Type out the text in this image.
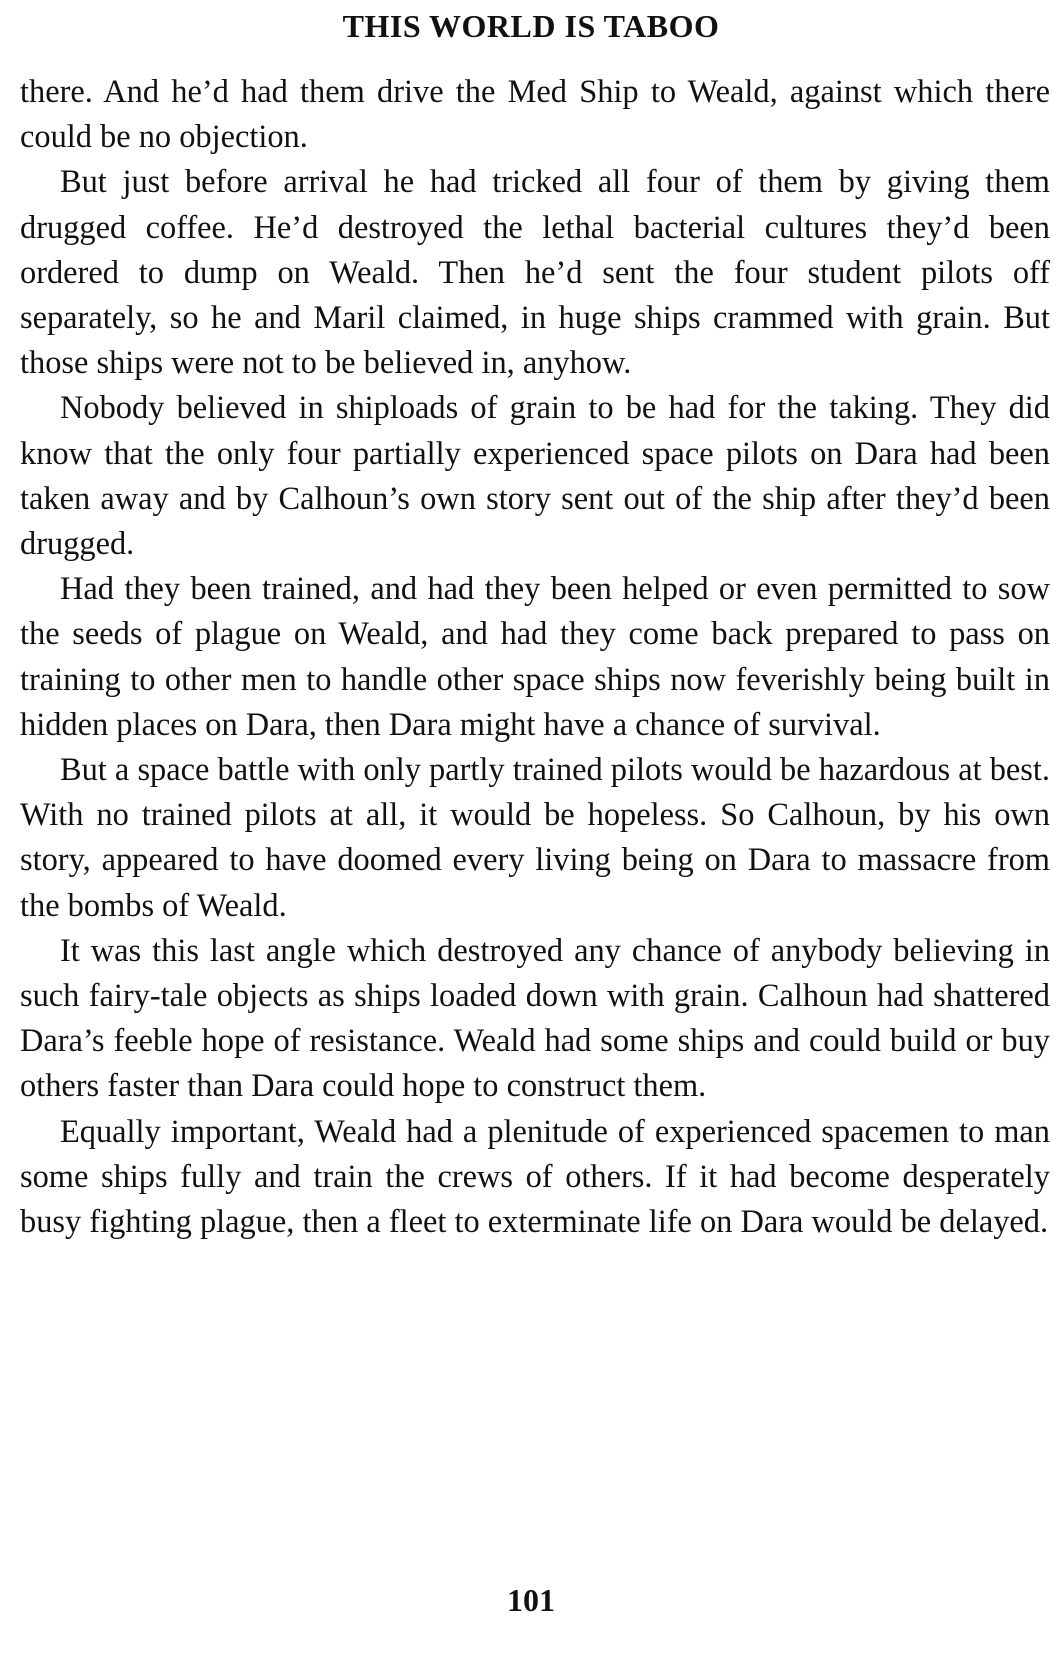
THIS WORLD IS TABOO

there. And he’d had them drive the Med Ship to Weald, against which there could be no objection.

But just before arrival he had tricked all four of them by giving them drugged coffee. He’d destroyed the lethal bacterial cultures they’d been ordered to dump on Weald. Then he’d sent the four student pilots off separately, so he and Maril claimed, in huge ships crammed with grain. But those ships were not to be believed in, anyhow.

Nobody believed in shiploads of grain to be had for the taking. They did know that the only four partially experienced space pilots on Dara had been taken away and by Calhoun’s own story sent out of the ship after they’d been drugged.

Had they been trained, and had they been helped or even permitted to sow the seeds of plague on Weald, and had they come back prepared to pass on training to other men to handle other space ships now feverishly being built in hidden places on Dara, then Dara might have a chance of survival.

But a space battle with only partly trained pilots would be hazardous at best. With no trained pilots at all, it would be hopeless. So Calhoun, by his own story, appeared to have doomed every living being on Dara to massacre from the bombs of Weald.

It was this last angle which destroyed any chance of anybody believing in such fairy-tale objects as ships loaded down with grain. Calhoun had shattered Dara’s feeble hope of resistance. Weald had some ships and could build or buy others faster than Dara could hope to construct them.

Equally important, Weald had a plenitude of experienced spacemen to man some ships fully and train the crews of others. If it had become desperately busy fighting plague, then a fleet to exterminate life on Dara would be delayed.

101
